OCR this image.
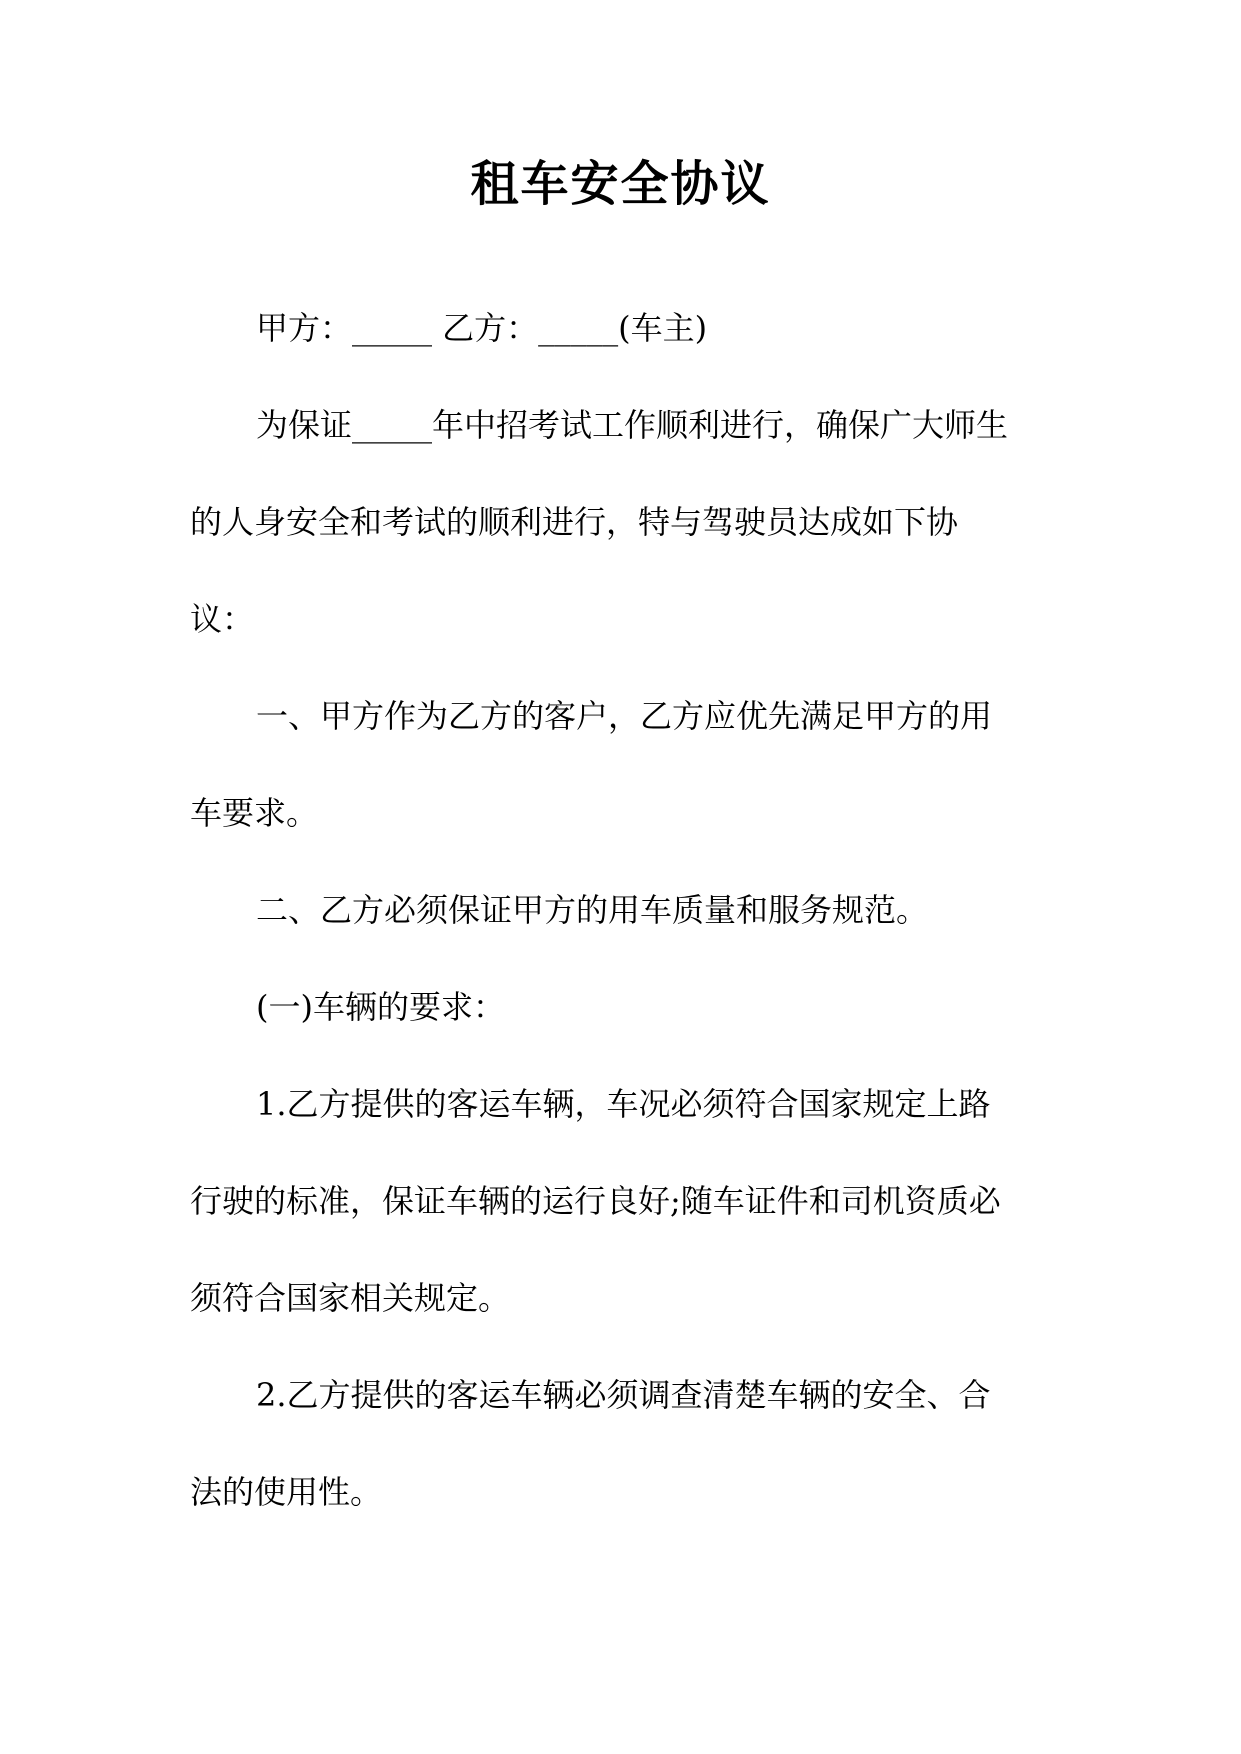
租车安全协议
甲方：_____ 乙方：_____(车主)
为保证_____年中招考试工作顺利进行，确保广大师生
的人身安全和考试的顺利进行，特与驾驶员达成如下协
议：
一、甲方作为乙方的客户，乙方应优先满足甲方的用
车要求。
二、乙方必须保证甲方的用车质量和服务规范。
(一)车辆的要求：
1.乙方提供的客运车辆，车况必须符合国家规定上路
行驶的标准，保证车辆的运行良好;随车证件和司机资质必
须符合国家相关规定。
2.乙方提供的客运车辆必须调查清楚车辆的安全、合
法的使用性。
